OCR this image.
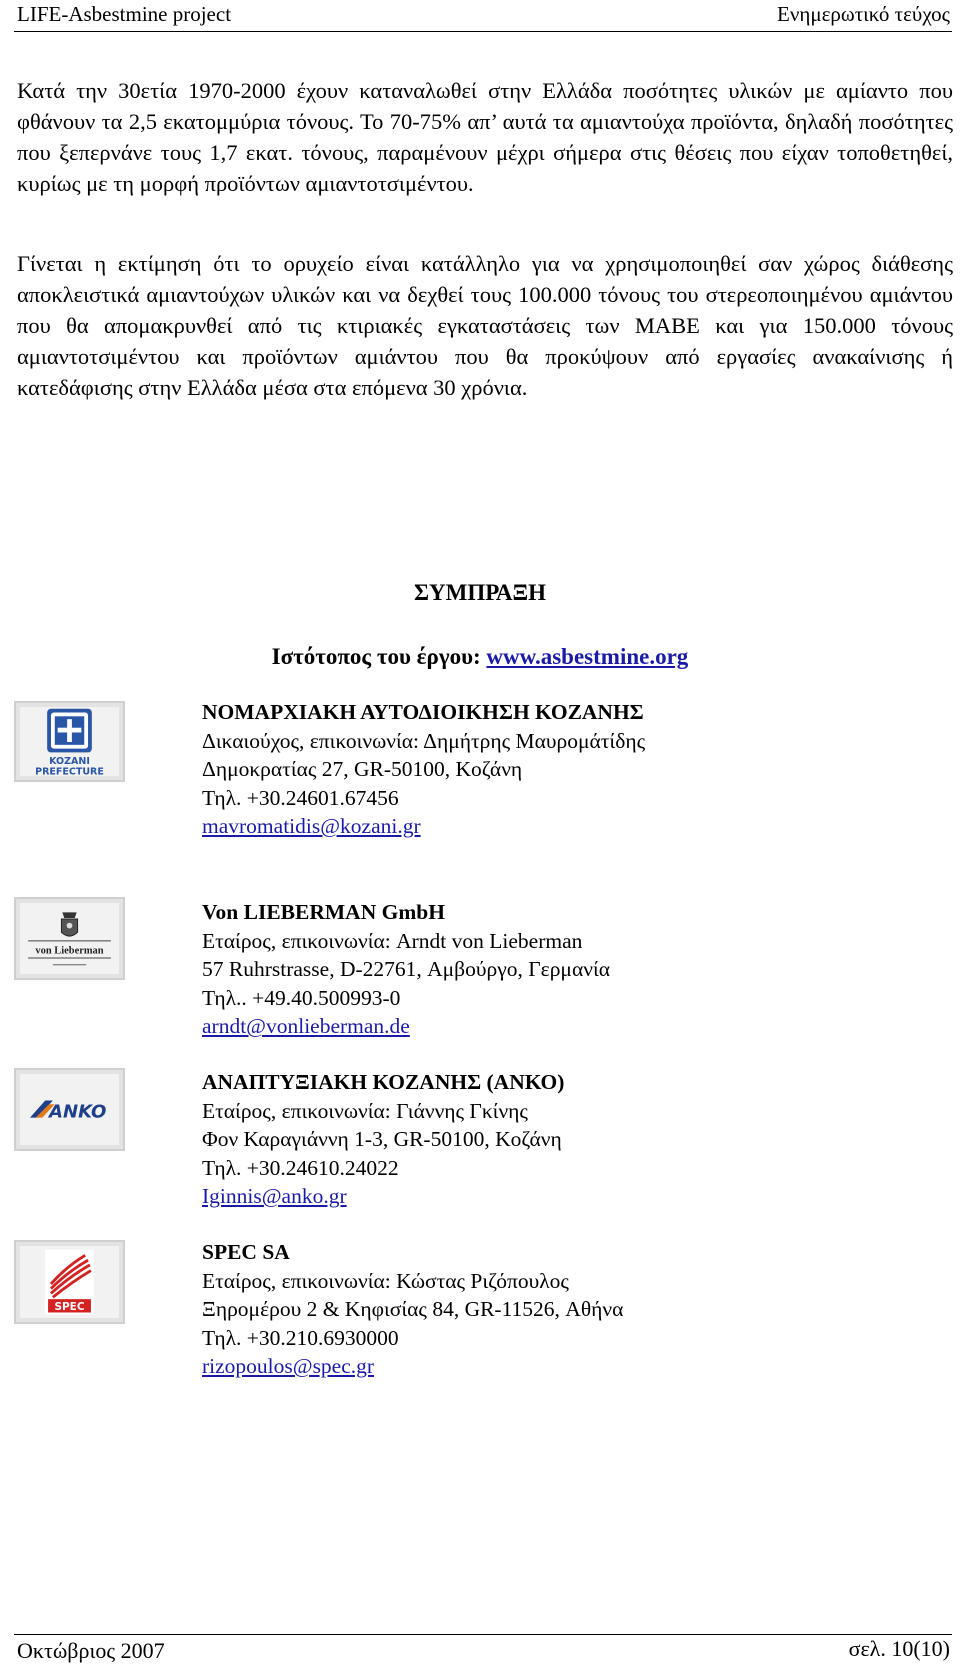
LIFE-Asbestmine project	Ενημερωτικό τεύχος

Κατά την 30ετία 1970-2000 έχουν καταναλωθεί στην Ελλάδα ποσότητες υλικών με αμίαντο που φθάνουν τα 2,5 εκατομμύρια τόνους. Το 70-75% απ’ αυτά τα αμιαντούχα προϊόντα, δηλαδή ποσότητες που ξεπερνάνε τους 1,7 εκατ. τόνους, παραμένουν μέχρι σήμερα στις θέσεις που είχαν τοποθετηθεί, κυρίως με τη μορφή προϊόντων αμιαντοτσιμέντου.

Γίνεται η εκτίμηση ότι το ορυχείο είναι κατάλληλο για να χρησιμοποιηθεί σαν χώρος διάθεσης αποκλειστικά αμιαντούχων υλικών και να δεχθεί τους 100.000 τόνους του στερεοποιημένου αμιάντου που θα απομακρυνθεί από τις κτιριακές εγκαταστάσεις των ΜΑΒΕ και για 150.000 τόνους αμιαντοτσιμέντου και προϊόντων αμιάντου που θα προκύψουν από εργασίες ανακαίνισης ή κατεδάφισης στην Ελλάδα μέσα στα επόμενα 30 χρόνια.

ΣΥΜΠΡΑΞΗ
Ιστότοπος του έργου: www.asbestmine.org
KOZANI
PREFECTURE
ΝΟΜΑΡΧΙΑΚΗ ΑΥΤΟΔΙΟΙΚΗΣΗ ΚΟΖΑΝΗΣ
Δικαιούχος, επικοινωνία: Δημήτρης Μαυρομάτίδης
Δημοκρατίας 27, GR-50100, Κοζάνη
Τηλ. +30.24601.67456
mavromatidis@kozani.gr
von Lieberman
Von LIEBERMAN GmbH
Εταίρος, επικοινωνία: Arndt von Lieberman
57 Ruhrstrasse, D-22761, Αμβούργο, Γερμανία
Τηλ.. +49.40.500993-0
arndt@vonlieberman.de
ANKO
ΑΝΑΠΤΥΞΙΑΚΗ ΚΟΖΑΝΗΣ (ΑΝΚΟ)
Εταίρος, επικοινωνία: Γιάννης Γκίνης
Φον Καραγιάννη 1-3, GR-50100, Κοζάνη
Τηλ. +30.24610.24022
Iginnis@anko.gr
SPEC
SPEC SA
Εταίρος, επικοινωνία: Κώστας Ριζόπουλος
Ξηρομέρου 2 & Κηφισίας 84, GR-11526, Αθήνα
Τηλ. +30.210.6930000
rizopoulos@spec.gr
Οκτώβριος 2007	σελ. 10(10)
